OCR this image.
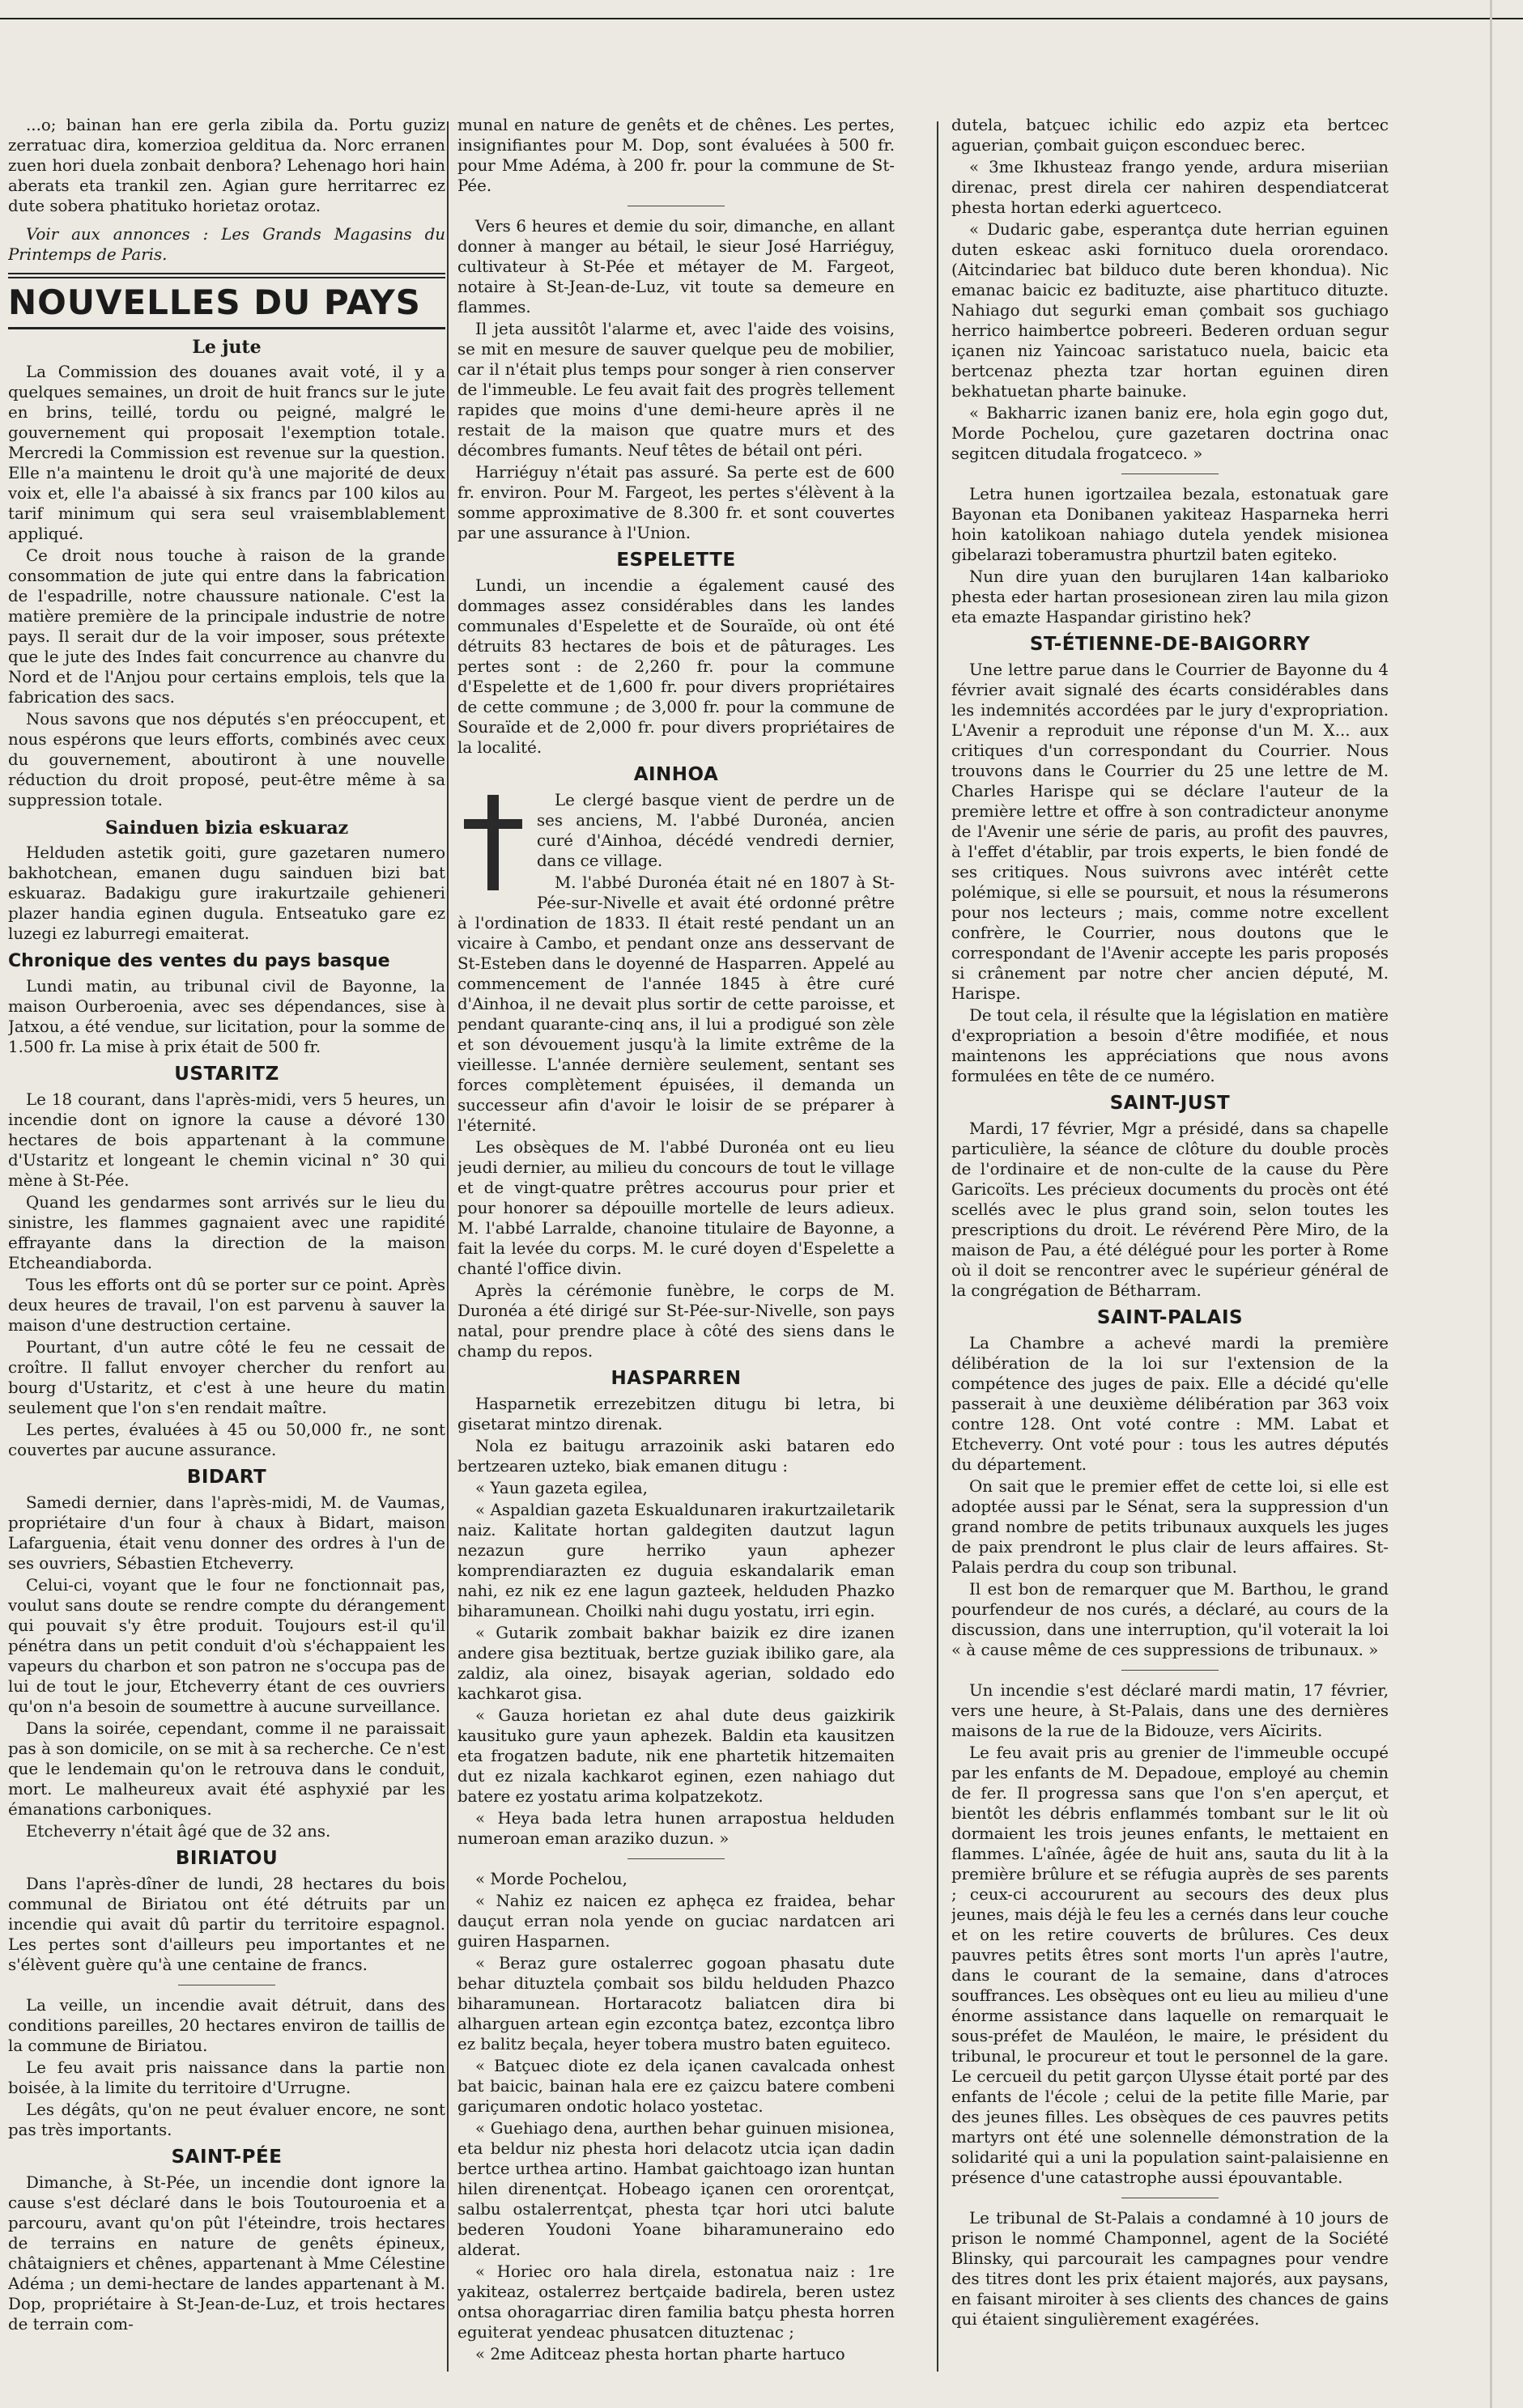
...o; bainan han ere gerla zibila da. Portu guziz zerratuac dira, komerzioa gelditua da. Norc erranen zuen hori duela zonbait denbora? Lehenago hori hain aberats eta trankil zen. Agian gure herritarrec ez dute sobera phatituko horietaz orotaz.

Voir aux annonces : Les Grands Magasins du Printemps de Paris.

NOUVELLES DU PAYS
Le jute

La Commission des douanes avait voté, il y a quelques semaines, un droit de huit francs sur le jute en brins, teillé, tordu ou peigné, malgré le gouvernement qui proposait l'exemption totale. Mercredi la Commission est revenue sur la question. Elle n'a maintenu le droit qu'à une majorité de deux voix et, elle l'a abaissé à six francs par 100 kilos au tarif minimum qui sera seul vraisemblablement appliqué.

Ce droit nous touche à raison de la grande consommation de jute qui entre dans la fabrication de l'espadrille, notre chaussure nationale. C'est la matière première de la principale industrie de notre pays. Il serait dur de la voir imposer, sous prétexte que le jute des Indes fait concurrence au chanvre du Nord et de l'Anjou pour certains emplois, tels que la fabrication des sacs.

Nous savons que nos députés s'en préoccupent, et nous espérons que leurs efforts, combinés avec ceux du gouvernement, aboutiront à une nouvelle réduction du droit proposé, peut-être même à sa suppression totale.

Sainduen bizia eskuaraz

Helduden astetik goiti, gure gazetaren numero bakhotchean, emanen dugu sainduen bizi bat eskuaraz. Badakigu gure irakurtzaile gehieneri plazer handia eginen dugula. Entseatuko gare ez luzegi ez laburregi emaiterat.

Chronique des ventes du pays basque

Lundi matin, au tribunal civil de Bayonne, la maison Ourberoenia, avec ses dépendances, sise à Jatxou, a été vendue, sur licitation, pour la somme de 1.500 fr. La mise à prix était de 500 fr.

USTARITZ

Le 18 courant, dans l'après-midi, vers 5 heures, un incendie dont on ignore la cause a dévoré 130 hectares de bois appartenant à la commune d'Ustaritz et longeant le chemin vicinal n° 30 qui mène à St-Pée.

Quand les gendarmes sont arrivés sur le lieu du sinistre, les flammes gagnaient avec une rapidité effrayante dans la direction de la maison Etcheandiaborda.

Tous les efforts ont dû se porter sur ce point. Après deux heures de travail, l'on est parvenu à sauver la maison d'une destruction certaine.

Pourtant, d'un autre côté le feu ne cessait de croître. Il fallut envoyer chercher du renfort au bourg d'Ustaritz, et c'est à une heure du matin seulement que l'on s'en rendait maître.

Les pertes, évaluées à 45 ou 50,000 fr., ne sont couvertes par aucune assurance.

BIDART

Samedi dernier, dans l'après-midi, M. de Vaumas, propriétaire d'un four à chaux à Bidart, maison Lafarguenia, était venu donner des ordres à l'un de ses ouvriers, Sébastien Etcheverry.

Celui-ci, voyant que le four ne fonctionnait pas, voulut sans doute se rendre compte du dérangement qui pouvait s'y être produit. Toujours est-il qu'il pénétra dans un petit conduit d'où s'échappaient les vapeurs du charbon et son patron ne s'occupa pas de lui de tout le jour, Etcheverry étant de ces ouvriers qu'on n'a besoin de soumettre à aucune surveillance.

Dans la soirée, cependant, comme il ne paraissait pas à son domicile, on se mit à sa recherche. Ce n'est que le lendemain qu'on le retrouva dans le conduit, mort. Le malheureux avait été asphyxié par les émanations carboniques.

Etcheverry n'était âgé que de 32 ans.

BIRIATOU

Dans l'après-dîner de lundi, 28 hectares du bois communal de Biriatou ont été détruits par un incendie qui avait dû partir du territoire espagnol. Les pertes sont d'ailleurs peu importantes et ne s'élèvent guère qu'à une centaine de francs.

La veille, un incendie avait détruit, dans des conditions pareilles, 20 hectares environ de taillis de la commune de Biriatou.

Le feu avait pris naissance dans la partie non boisée, à la limite du territoire d'Urrugne.

Les dégâts, qu'on ne peut évaluer encore, ne sont pas très importants.

SAINT-PÉE

Dimanche, à St-Pée, un incendie dont ignore la cause s'est déclaré dans le bois Toutouroenia et a parcouru, avant qu'on pût l'éteindre, trois hectares de terrains en nature de genêts épineux, châtaigniers et chênes, appartenant à Mme Célestine Adéma ; un demi-hectare de landes appartenant à M. Dop, propriétaire à St-Jean-de-Luz, et trois hectares de terrain com-

munal en nature de genêts et de chênes. Les pertes, insignifiantes pour M. Dop, sont évaluées à 500 fr. pour Mme Adéma, à 200 fr. pour la commune de St-Pée.

Vers 6 heures et demie du soir, dimanche, en allant donner à manger au bétail, le sieur José Harriéguy, cultivateur à St-Pée et métayer de M. Fargeot, notaire à St-Jean-de-Luz, vit toute sa demeure en flammes.

Il jeta aussitôt l'alarme et, avec l'aide des voisins, se mit en mesure de sauver quelque peu de mobilier, car il n'était plus temps pour songer à rien conserver de l'immeuble. Le feu avait fait des progrès tellement rapides que moins d'une demi-heure après il ne restait de la maison que quatre murs et des décombres fumants. Neuf têtes de bétail ont péri.

Harriéguy n'était pas assuré. Sa perte est de 600 fr. environ. Pour M. Fargeot, les pertes s'élèvent à la somme approximative de 8.300 fr. et sont couvertes par une assurance à l'Union.

ESPELETTE

Lundi, un incendie a également causé des dommages assez considérables dans les landes communales d'Espelette et de Souraïde, où ont été détruits 83 hectares de bois et de pâturages. Les pertes sont : de 2,260 fr. pour la commune d'Espelette et de 1,600 fr. pour divers propriétaires de cette commune ; de 3,000 fr. pour la commune de Souraïde et de 2,000 fr. pour divers propriétaires de la localité.

AINHOA

Le clergé basque vient de perdre un de ses anciens, M. l'abbé Duronéa, ancien curé d'Ainhoa, décédé vendredi dernier, dans ce village.

M. l'abbé Duronéa était né en 1807 à St-Pée-sur-Nivelle et avait été ordonné prêtre à l'ordination de 1833. Il était resté pendant un an vicaire à Cambo, et pendant onze ans desservant de St-Esteben dans le doyenné de Hasparren. Appelé au commencement de l'année 1845 à être curé d'Ainhoa, il ne devait plus sortir de cette paroisse, et pendant quarante-cinq ans, il lui a prodigué son zèle et son dévouement jusqu'à la limite extrême de la vieillesse. L'année dernière seulement, sentant ses forces complètement épuisées, il demanda un successeur afin d'avoir le loisir de se préparer à l'éternité.

Les obsèques de M. l'abbé Duronéa ont eu lieu jeudi dernier, au milieu du concours de tout le village et de vingt-quatre prêtres accourus pour prier et pour honorer sa dépouille mortelle de leurs adieux. M. l'abbé Larralde, chanoine titulaire de Bayonne, a fait la levée du corps. M. le curé doyen d'Espelette a chanté l'office divin.

Après la cérémonie funèbre, le corps de M. Duronéa a été dirigé sur St-Pée-sur-Nivelle, son pays natal, pour prendre place à côté des siens dans le champ du repos.

HASPARREN

Hasparnetik errezebitzen ditugu bi letra, bi gisetarat mintzo direnak.

Nola ez baitugu arrazoinik aski bataren edo bertzearen uzteko, biak emanen ditugu :

« Yaun gazeta egilea,

« Aspaldian gazeta Eskualdunaren irakurtzailetarik naiz. Kalitate hortan galdegiten dautzut lagun nezazun gure herriko yaun aphezer komprendiarazten ez duguia eskandalarik eman nahi, ez nik ez ene lagun gazteek, helduden Phazko biharamunean. Choilki nahi dugu yostatu, irri egin.

« Gutarik zombait bakhar baizik ez dire izanen andere gisa beztituak, bertze guziak ibiliko gare, ala zaldiz, ala oinez, bisayak agerian, soldado edo kachkarot gisa.

« Gauza horietan ez ahal dute deus gaizkirik kausituko gure yaun aphezek. Baldin eta kausitzen eta frogatzen badute, nik ene phartetik hitzemaiten dut ez nizala kachkarot eginen, ezen nahiago dut batere ez yostatu arima kolpatzekotz.

« Heya bada letra hunen arrapostua helduden numeroan eman araziko duzun. »

« Morde Pochelou,

« Nahiz ez naicen ez aphęca ez fraidea, behar dauçut erran nola yende on guciac nardatcen ari guiren Hasparnen.

« Beraz gure ostalerrec gogoan phasatu dute behar dituztela çombait sos bildu helduden Phazco biharamunean. Hortaracotz baliatcen dira bi alharguen artean egin ezcontça batez, ezcontça libro ez balitz beçala, heyer tobera mustro baten eguiteco.

« Batçuec diote ez dela içanen cavalcada onhest bat baicic, bainan hala ere ez çaizcu batere combeni gariçumaren ondotic holaco yostetac.

« Guehiago dena, aurthen behar guinuen misionea, eta beldur niz phesta hori delacotz utcia içan dadin bertce urthea artino. Hambat gaichtoago izan huntan hilen direnentçat. Hobeago içanen cen ororentçat, salbu ostalerrentçat, phesta tçar hori utci balute bederen Youdoni Yoane biharamuneraino edo alderat.

« Horiec oro hala direla, estonatua naiz : 1re yakiteaz, ostalerrez bertçaide badirela, beren ustez ontsa ohoragarriac diren familia batçu phesta horren eguiterat yendeac phusatcen dituztenac ;

« 2me Aditceaz phesta hortan pharte hartuco

dutela, batçuec ichilic edo azpiz eta bertcec aguerian, çombait guiçon esconduec berec.

« 3me Ikhusteaz frango yende, ardura miseriian direnac, prest direla cer nahiren despendiatcerat phesta hortan ederki aguertceco.

« Dudaric gabe, esperantça dute herrian eguinen duten eskeac aski fornituco duela ororendaco. (Aitcindariec bat bilduco dute beren khondua). Nic emanac baicic ez badituzte, aise phartituco dituzte. Nahiago dut segurki eman çombait sos guchiago herrico haimbertce pobreeri. Bederen orduan segur içanen niz Yaincoac saristatuco nuela, baicic eta bertcenaz phezta tzar hortan eguinen diren bekhatuetan pharte bainuke.

« Bakharric izanen baniz ere, hola egin gogo dut, Morde Pochelou, çure gazetaren doctrina onac segitcen ditudala frogatceco. »

Letra hunen igortzailea bezala, estonatuak gare Bayonan eta Donibanen yakiteaz Hasparneka herri hoin katolikoan nahiago dutela yendek misionea gibelarazi toberamustra phurtzil baten egiteko.

Nun dire yuan den burujlaren 14an kalbarioko phesta eder hartan prosesionean ziren lau mila gizon eta emazte Haspandar giristino hek?

ST-ÉTIENNE-DE-BAIGORRY

Une lettre parue dans le Courrier de Bayonne du 4 février avait signalé des écarts considérables dans les indemnités accordées par le jury d'expropriation. L'Avenir a reproduit une réponse d'un M. X... aux critiques d'un correspondant du Courrier. Nous trouvons dans le Courrier du 25 une lettre de M. Charles Harispe qui se déclare l'auteur de la première lettre et offre à son contradicteur anonyme de l'Avenir une série de paris, au profit des pauvres, à l'effet d'établir, par trois experts, le bien fondé de ses critiques. Nous suivrons avec intérêt cette polémique, si elle se poursuit, et nous la résumerons pour nos lecteurs ; mais, comme notre excellent confrère, le Courrier, nous doutons que le correspondant de l'Avenir accepte les paris proposés si crânement par notre cher ancien député, M. Harispe.

De tout cela, il résulte que la législation en matière d'expropriation a besoin d'être modifiée, et nous maintenons les appréciations que nous avons formulées en tête de ce numéro.

SAINT-JUST

Mardi, 17 février, Mgr a présidé, dans sa chapelle particulière, la séance de clôture du double procès de l'ordinaire et de non-culte de la cause du Père Garicoïts. Les précieux documents du procès ont été scellés avec le plus grand soin, selon toutes les prescriptions du droit. Le révérend Père Miro, de la maison de Pau, a été délégué pour les porter à Rome où il doit se rencontrer avec le supérieur général de la congrégation de Bétharram.

SAINT-PALAIS

La Chambre a achevé mardi la première délibération de la loi sur l'extension de la compétence des juges de paix. Elle a décidé qu'elle passerait à une deuxième délibération par 363 voix contre 128. Ont voté contre : MM. Labat et Etcheverry. Ont voté pour : tous les autres députés du département.

On sait que le premier effet de cette loi, si elle est adoptée aussi par le Sénat, sera la suppression d'un grand nombre de petits tribunaux auxquels les juges de paix prendront le plus clair de leurs affaires. St-Palais perdra du coup son tribunal.

Il est bon de remarquer que M. Barthou, le grand pourfendeur de nos curés, a déclaré, au cours de la discussion, dans une interruption, qu'il voterait la loi « à cause même de ces suppressions de tribunaux. »

Un incendie s'est déclaré mardi matin, 17 février, vers une heure, à St-Palais, dans une des dernières maisons de la rue de la Bidouze, vers Aïcirits.

Le feu avait pris au grenier de l'immeuble occupé par les enfants de M. Depadoue, employé au chemin de fer. Il progressa sans que l'on s'en aperçut, et bientôt les débris enflammés tombant sur le lit où dormaient les trois jeunes enfants, le mettaient en flammes. L'aînée, âgée de huit ans, sauta du lit à la première brûlure et se réfugia auprès de ses parents ; ceux-ci accoururent au secours des deux plus jeunes, mais déjà le feu les a cernés dans leur couche et on les retire couverts de brûlures. Ces deux pauvres petits êtres sont morts l'un après l'autre, dans le courant de la semaine, dans d'atroces souffrances. Les obsèques ont eu lieu au milieu d'une énorme assistance dans laquelle on remarquait le sous-préfet de Mauléon, le maire, le président du tribunal, le procureur et tout le personnel de la gare. Le cercueil du petit garçon Ulysse était porté par des enfants de l'école ; celui de la petite fille Marie, par des jeunes filles. Les obsèques de ces pauvres petits martyrs ont été une solennelle démonstration de la solidarité qui a uni la population saint-palaisienne en présence d'une catastrophe aussi épouvantable.

Le tribunal de St-Palais a condamné à 10 jours de prison le nommé Champonnel, agent de la Société Blinsky, qui parcourait les campagnes pour vendre des titres dont les prix étaient majorés, aux paysans, en faisant miroiter à ses clients des chances de gains qui étaient singulièrement exagérées.
